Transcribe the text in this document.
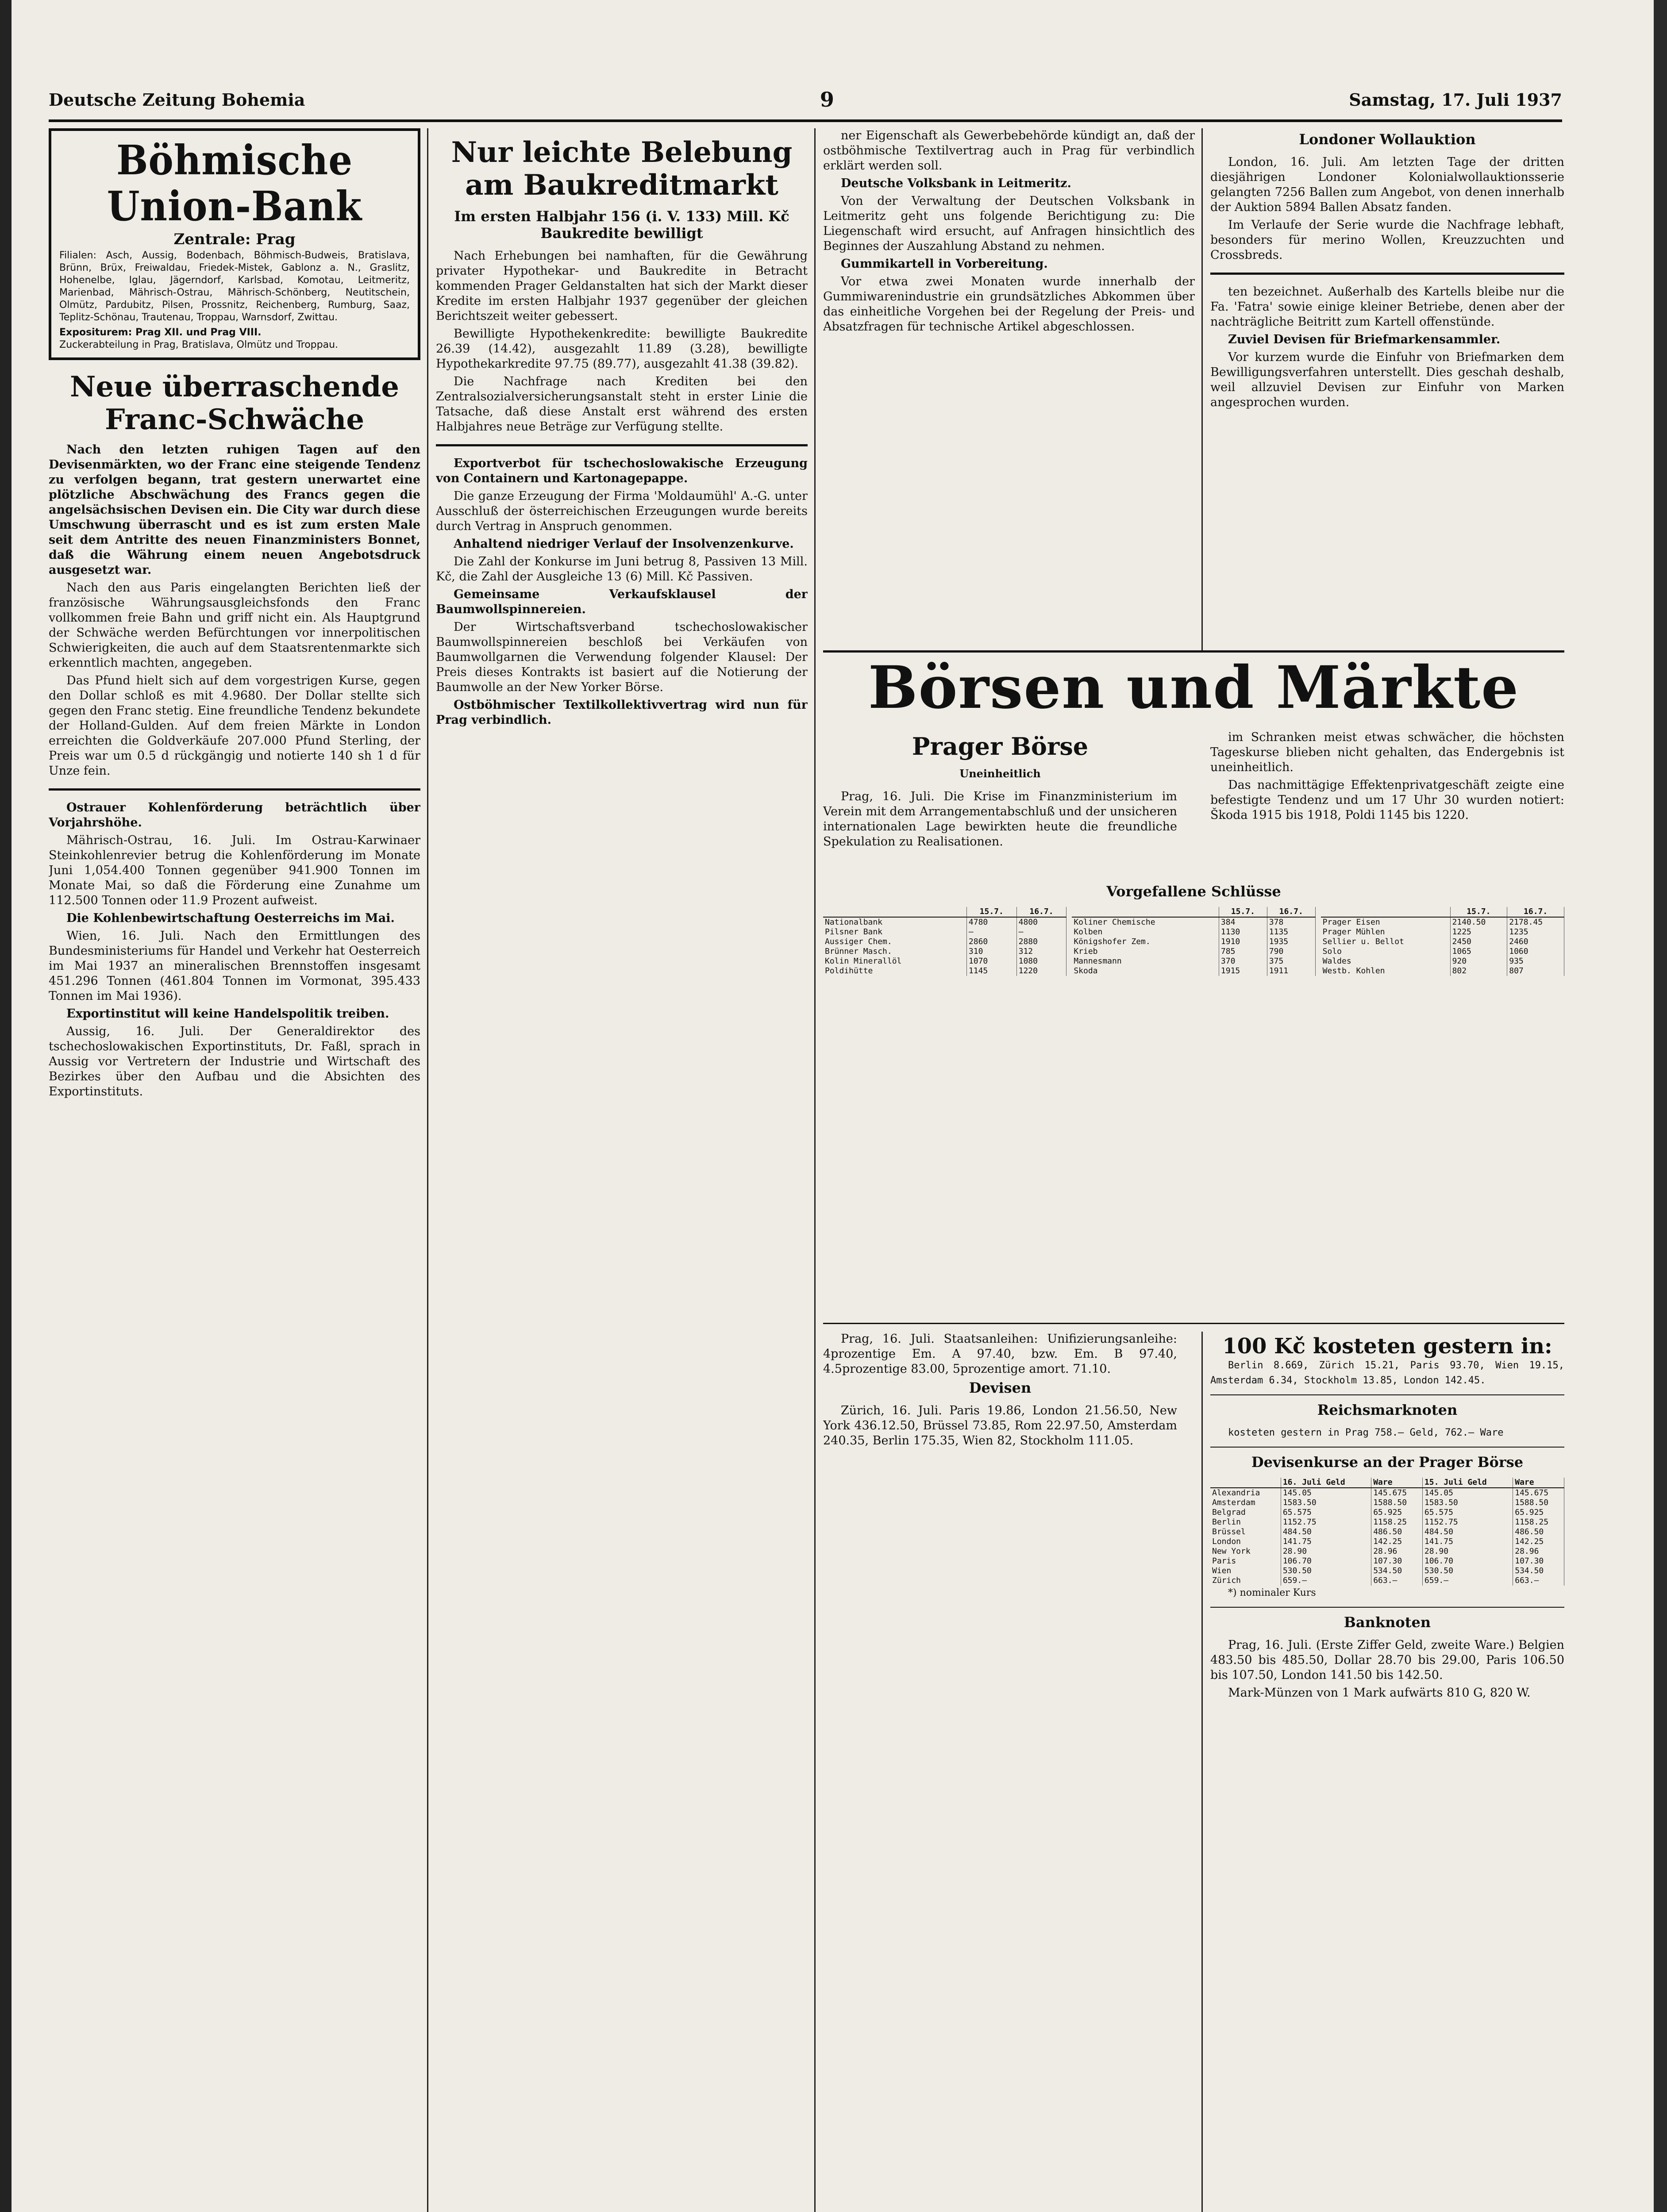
Deutsche Zeitung Bohemia	9	Samstag, 17. Juli 1937
Böhmische Union-Bank
Zentrale: Prag
Filialen: Asch, Aussig, Bodenbach, Böhmisch-Budweis, Bratislava, Brünn, Brüx, Freiwaldau, Friedek-Mistek, Gablonz a. N., Graslitz, Hohenelbe, Iglau, Jägerndorf, Karlsbad, Komotau, Leitmeritz, Marienbad, Mährisch-Ostrau, Mährisch-Schönberg, Neutitschein, Olmütz, Pardubitz, Pilsen, Prossnitz, Reichenberg, Rumburg, Saaz, Teplitz-Schönau, Trautenau, Troppau, Warnsdorf, Zwittau.
Expositurem: Prag XII. und Prag VIII.
Zuckerabteilung in Prag, Bratislava, Olmütz und Troppau.
Neue überraschende Franc-Schwäche

Nach den letzten ruhigen Tagen auf den Devisenmärkten, wo der Franc eine steigende Tendenz zu verfolgen begann, trat gestern unerwartet eine plötzliche Abschwächung des Francs gegen die angelsächsischen Devisen ein. Die City war durch diese Umschwung überrascht und es ist zum ersten Male seit dem Antritte des neuen Finanzministers Bonnet, daß die Währung einem neuen Angebotsdruck ausgesetzt war.

Nach den aus Paris eingelangten Berichten ließ der französische Währungsausgleichsfonds den Franc vollkommen freie Bahn und griff nicht ein. Als Hauptgrund der Schwäche werden Befürchtungen vor innerpolitischen Schwierigkeiten, die auch auf dem Staatsrentenmarkte sich erkenntlich machten, angegeben.

Das Pfund hielt sich auf dem vorgestrigen Kurse, gegen den Dollar schloß es mit 4.9680. Der Dollar stellte sich gegen den Franc stetig. Eine freundliche Tendenz bekundete der Holland-Gulden. Auf dem freien Märkte in London erreichten die Goldverkäufe 207.000 Pfund Sterling, der Preis war um 0.5 d rückgängig und notierte 140 sh 1 d für Unze fein.

Ostrauer Kohlenförderung beträchtlich über Vorjahrshöhe.

Mährisch-Ostrau, 16. Juli. Im Ostrau-Karwinaer Steinkohlenrevier betrug die Kohlenförderung im Monate Juni 1,054.400 Tonnen gegenüber 941.900 Tonnen im Monate Mai, so daß die Förderung eine Zunahme um 112.500 Tonnen oder 11.9 Prozent aufweist.

Die Kohlenbewirtschaftung Oesterreichs im Mai.

Wien, 16. Juli. Nach den Ermittlungen des Bundesministeriums für Handel und Verkehr hat Oesterreich im Mai 1937 an mineralischen Brennstoffen insgesamt 451.296 Tonnen (461.804 Tonnen im Vormonat, 395.433 Tonnen im Mai 1936).

Exportinstitut will keine Handelspolitik treiben.

Aussig, 16. Juli. Der Generaldirektor des tschechoslowakischen Exportinstituts, Dr. Faßl, sprach in Aussig vor Vertretern der Industrie und Wirtschaft des Bezirkes über den Aufbau und die Absichten des Exportinstituts.

Nur leichte Belebung am Baukreditmarkt
Im ersten Halbjahr 156 (i. V. 133) Mill. Kč Baukredite bewilligt

Nach Erhebungen bei namhaften, für die Gewährung privater Hypothekar- und Baukredite in Betracht kommenden Prager Geldanstalten hat sich der Markt dieser Kredite im ersten Halbjahr 1937 gegenüber der gleichen Berichtszeit weiter gebessert.

Bewilligte Hypothekenkredite: bewilligte Baukredite 26.39 (14.42), ausgezahlt 11.89 (3.28), bewilligte Hypothekarkredite 97.75 (89.77), ausgezahlt 41.38 (39.82).

Die Nachfrage nach Krediten bei den Zentralsozialversicherungsanstalt steht in erster Linie die Tatsache, daß diese Anstalt erst während des ersten Halbjahres neue Beträge zur Verfügung stellte.

Exportverbot für tschechoslowakische Erzeugung von Containern und Kartonagepappe.

Die ganze Erzeugung der Firma 'Moldaumühl' A.-G. unter Ausschluß der österreichischen Erzeugungen wurde bereits durch Vertrag in Anspruch genommen.

Anhaltend niedriger Verlauf der Insolvenzenkurve.

Die Zahl der Konkurse im Juni betrug 8, Passiven 13 Mill. Kč, die Zahl der Ausgleiche 13 (6) Mill. Kč Passiven.

Gemeinsame Verkaufsklausel der Baumwollspinnereien.

Der Wirtschaftsverband tschechoslowakischer Baumwollspinnereien beschloß bei Verkäufen von Baumwollgarnen die Verwendung folgender Klausel: Der Preis dieses Kontrakts ist basiert auf die Notierung der Baumwolle an der New Yorker Börse.

Ostböhmischer Textilkollektivvertrag wird nun für Prag verbindlich.

ner Eigenschaft als Gewerbebehörde kündigt an, daß der ostböhmische Textilvertrag auch in Prag für verbindlich erklärt werden soll.

Deutsche Volksbank in Leitmeritz.

Von der Verwaltung der Deutschen Volksbank in Leitmeritz geht uns folgende Berichtigung zu: Die Liegenschaft wird ersucht, auf Anfragen hinsichtlich des Beginnes der Auszahlung Abstand zu nehmen.

Gummikartell in Vorbereitung.

Vor etwa zwei Monaten wurde innerhalb der Gummiwarenindustrie ein grundsätzliches Abkommen über das einheitliche Vorgehen bei der Regelung der Preis- und Absatzfragen für technische Artikel abgeschlossen.

Londoner Wollauktion

London, 16. Juli. Am letzten Tage der dritten diesjährigen Londoner Kolonialwollauktionsserie gelangten 7256 Ballen zum Angebot, von denen innerhalb der Auktion 5894 Ballen Absatz fanden.

Im Verlaufe der Serie wurde die Nachfrage lebhaft, besonders für merino Wollen, Kreuzzuchten und Crossbreds.

ten bezeichnet. Außerhalb des Kartells bleibe nur die Fa. 'Fatra' sowie einige kleiner Betriebe, denen aber der nachträgliche Beitritt zum Kartell offenstünde.

Zuviel Devisen für Briefmarkensammler.

Vor kurzem wurde die Einfuhr von Briefmarken dem Bewilligungsverfahren unterstellt. Dies geschah deshalb, weil allzuviel Devisen zur Einfuhr von Marken angesprochen wurden.

Börsen und Märkte
Prager Börse
Uneinheitlich

Prag, 16. Juli. Die Krise im Finanzministerium im Verein mit dem Arrangementabschluß und der unsicheren internationalen Lage bewirkten heute die freundliche Spekulation zu Realisationen.

im Schranken meist etwas schwächer, die höchsten Tageskurse blieben nicht gehalten, das Endergebnis ist uneinheitlich.

Das nachmittägige Effektenprivatgeschäft zeigte eine befestigte Tendenz und um 17 Uhr 30 wurden notiert: Škoda 1915 bis 1918, Poldi 1145 bis 1220.

Vorgefallene Schlüsse
	15.7.	16.7.
Nationalbank	4780	4800
Pilsner Bank	—	—
Aussiger Chem.	2860	2880
Brünner Masch.	310	312
Kolin Minerallöl	1070	1080
Poldihütte	1145	1220
	15.7.	16.7.
Koliner Chemische	384	378
Kolben	1130	1135
Königshofer Zem.	1910	1935
Krieb	785	790
Mannesmann	370	375
Skoda	1915	1911
	15.7.	16.7.
Prager Eisen	2140.50	2178.45
Prager Mühlen	1225	1235
Sellier u. Bellot	2450	2460
Solo	1065	1060
Waldes	920	935
Westb. Kohlen	802	807

Prag, 16. Juli. Staatsanleihen: Unifizierungsanleihe: 4prozentige Em. A 97.40, bzw. Em. B 97.40, 4.5prozentige 83.00, 5prozentige amort. 71.10.

Devisen

Zürich, 16. Juli. Paris 19.86, London 21.56.50, New York 436.12.50, Brüssel 73.85, Rom 22.97.50, Amsterdam 240.35, Berlin 175.35, Wien 82, Stockholm 111.05.

100 Kč kosteten gestern in:

Berlin 8.669, Zürich 15.21, Paris 93.70, Wien 19.15, Amsterdam 6.34, Stockholm 13.85, London 142.45.

Reichsmarknoten

kosteten gestern in Prag 758.— Geld, 762.— Ware

Devisenkurse an der Prager Börse
	16. Juli Geld	Ware	15. Juli Geld	Ware
Alexandria	145.05	145.675	145.05	145.675
Amsterdam	1583.50	1588.50	1583.50	1588.50
Belgrad	65.575	65.925	65.575	65.925
Berlin	1152.75	1158.25	1152.75	1158.25
Brüssel	484.50	486.50	484.50	486.50
London	141.75	142.25	141.75	142.25
New York	28.90	28.96	28.90	28.96
Paris	106.70	107.30	106.70	107.30
Wien	530.50	534.50	530.50	534.50
Zürich	659.—	663.—	659.—	663.—

*) nominaler Kurs

Banknoten

Prag, 16. Juli. (Erste Ziffer Geld, zweite Ware.) Belgien 483.50 bis 485.50, Dollar 28.70 bis 29.00, Paris 106.50 bis 107.50, London 141.50 bis 142.50.

Mark-Münzen von 1 Mark aufwärts 810 G, 820 W.
